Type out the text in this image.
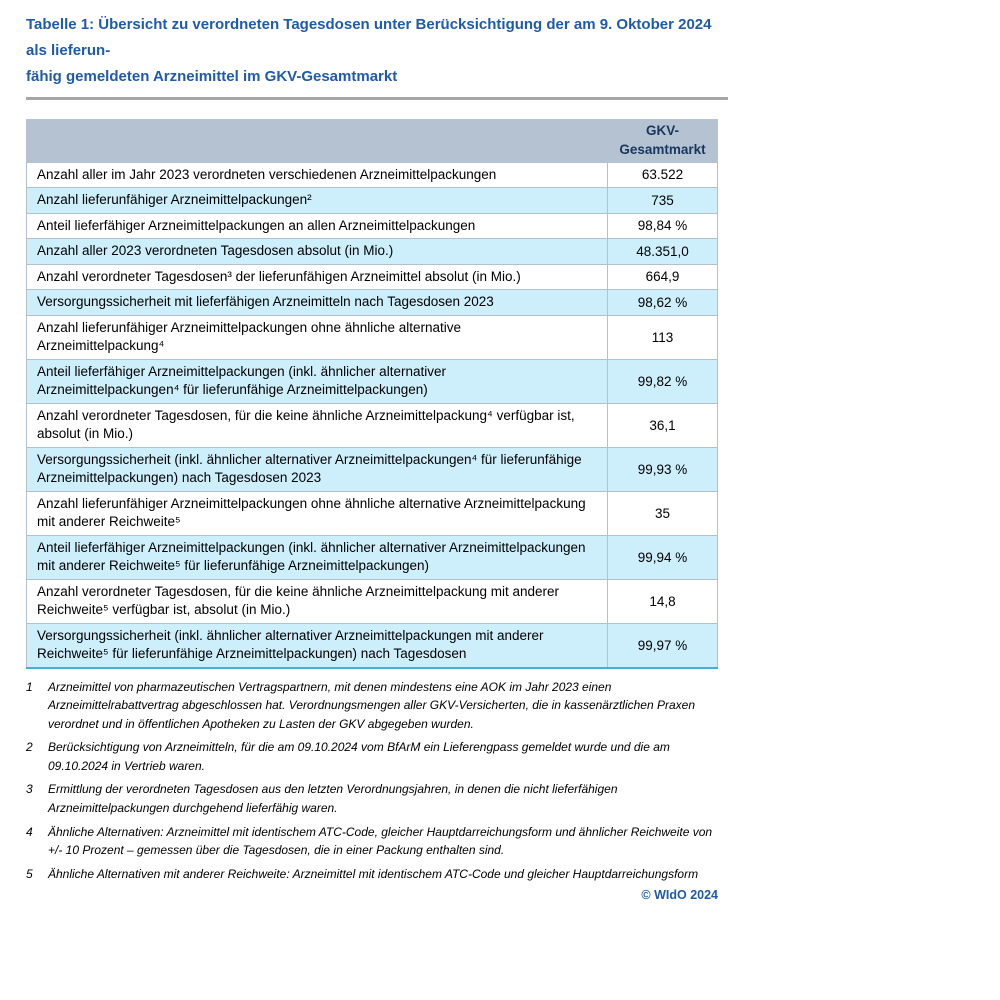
Tabelle 1: Übersicht zu verordneten Tagesdosen unter Berücksichtigung der am 9. Oktober 2024 als lieferun-
fähig gemeldeten Arzneimittel im GKV-Gesamtmarkt
	GKV-Gesamtmarkt
Anzahl aller im Jahr 2023 verordneten verschiedenen Arzneimittelpackungen	63.522
Anzahl lieferunfähiger Arzneimittelpackungen²	735
Anteil lieferfähiger Arzneimittelpackungen an allen Arzneimittelpackungen	98,84 %
Anzahl aller 2023 verordneten Tagesdosen absolut (in Mio.)	48.351,0
Anzahl verordneter Tagesdosen³ der lieferunfähigen Arzneimittel absolut (in Mio.)	664,9
Versorgungssicherheit mit lieferfähigen Arzneimitteln nach Tagesdosen 2023	98,62 %
Anzahl lieferunfähiger Arzneimittelpackungen ohne ähnliche alternative Arzneimittelpackung⁴	113
Anteil lieferfähiger Arzneimittelpackungen (inkl. ähnlicher alternativer Arzneimittelpackungen⁴ für lieferunfähige Arzneimittelpackungen)	99,82 %
Anzahl verordneter Tagesdosen, für die keine ähnliche Arzneimittelpackung⁴ verfügbar ist, absolut (in Mio.)	36,1
Versorgungssicherheit (inkl. ähnlicher alternativer Arzneimittelpackungen⁴ für lieferunfähige Arzneimittelpackungen) nach Tagesdosen 2023	99,93 %
Anzahl lieferunfähiger Arzneimittelpackungen ohne ähnliche alternative Arzneimittelpackung mit anderer Reichweite⁵	35
Anteil lieferfähiger Arzneimittelpackungen (inkl. ähnlicher alternativer Arzneimittelpackungen mit anderer Reichweite⁵ für lieferunfähige Arzneimittelpackungen)	99,94 %
Anzahl verordneter Tagesdosen, für die keine ähnliche Arzneimittelpackung mit anderer Reichweite⁵ verfügbar ist, absolut (in Mio.)	14,8
Versorgungssicherheit (inkl. ähnlicher alternativer Arzneimittelpackungen mit anderer Reichweite⁵ für lieferunfähige Arzneimittelpackungen) nach Tagesdosen	99,97 %
1	Arzneimittel von pharmazeutischen Vertragspartnern, mit denen mindestens eine AOK im Jahr 2023 einen Arzneimittelrabattvertrag abgeschlossen hat. Verordnungsmengen aller GKV-Versicherten, die in kassenärztlichen Praxen verordnet und in öffentlichen Apotheken zu Lasten der GKV abgegeben wurden.
2	Berücksichtigung von Arzneimitteln, für die am 09.10.2024 vom BfArM ein Lieferengpass gemeldet wurde und die am 09.10.2024 in Vertrieb waren.
3	Ermittlung der verordneten Tagesdosen aus den letzten Verordnungsjahren, in denen die nicht lieferfähigen Arzneimittelpackungen durchgehend lieferfähig waren.
4	Ähnliche Alternativen: Arzneimittel mit identischem ATC-Code, gleicher Hauptdarreichungsform und ähnlicher Reichweite von +/- 10 Prozent – gemessen über die Tagesdosen, die in einer Packung enthalten sind.
5	Ähnliche Alternativen mit anderer Reichweite: Arzneimittel mit identischem ATC-Code und gleicher Hauptdarreichungsform
© WIdO 2024
